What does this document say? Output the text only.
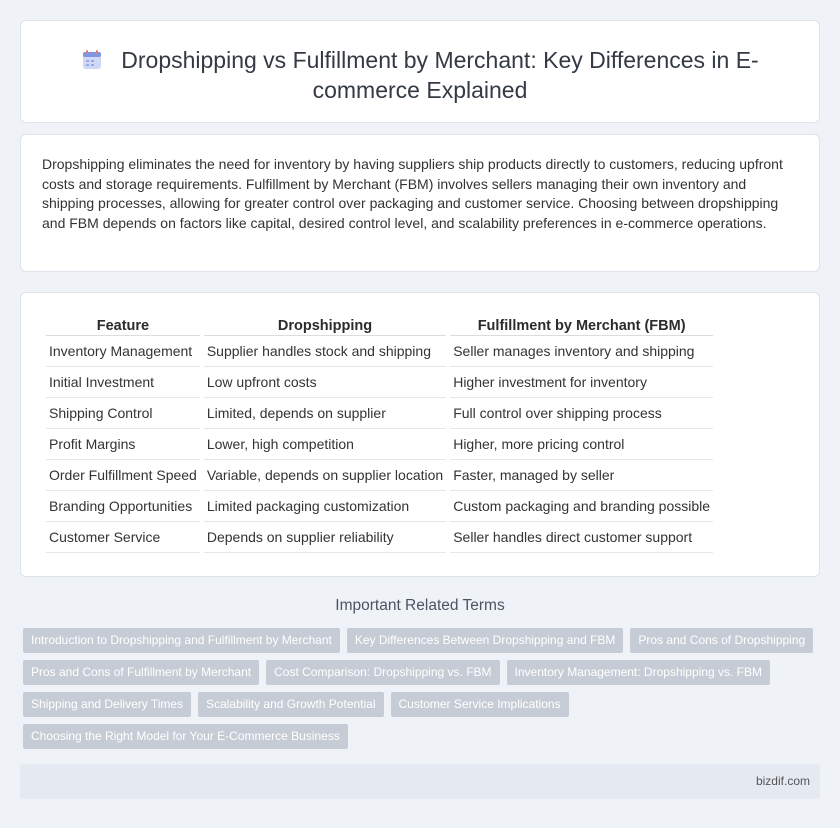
Dropshipping vs Fulfillment by Merchant: Key Differences in E-commerce Explained

Dropshipping eliminates the need for inventory by having suppliers ship products directly to customers, reducing upfront costs and storage requirements. Fulfillment by Merchant (FBM) involves sellers managing their own inventory and shipping processes, allowing for greater control over packaging and customer service. Choosing between dropshipping and FBM depends on factors like capital, desired control level, and scalability preferences in e-commerce operations.

Feature	Dropshipping	Fulfillment by Merchant (FBM)
Inventory Management	Supplier handles stock and shipping	Seller manages inventory and shipping
Initial Investment	Low upfront costs	Higher investment for inventory
Shipping Control	Limited, depends on supplier	Full control over shipping process
Profit Margins	Lower, high competition	Higher, more pricing control
Order Fulfillment Speed	Variable, depends on supplier location	Faster, managed by seller
Branding Opportunities	Limited packaging customization	Custom packaging and branding possible
Customer Service	Depends on supplier reliability	Seller handles direct customer support
Important Related Terms
Introduction to Dropshipping and Fulfillment by Merchant Key Differences Between Dropshipping and FBM Pros and Cons of DropshippingPros and Cons of Fulfillment by Merchant Cost Comparison: Dropshipping vs. FBM Inventory Management: Dropshipping vs. FBMShipping and Delivery Times Scalability and Growth Potential Customer Service ImplicationsChoosing the Right Model for Your E-Commerce Business
bizdif.com
